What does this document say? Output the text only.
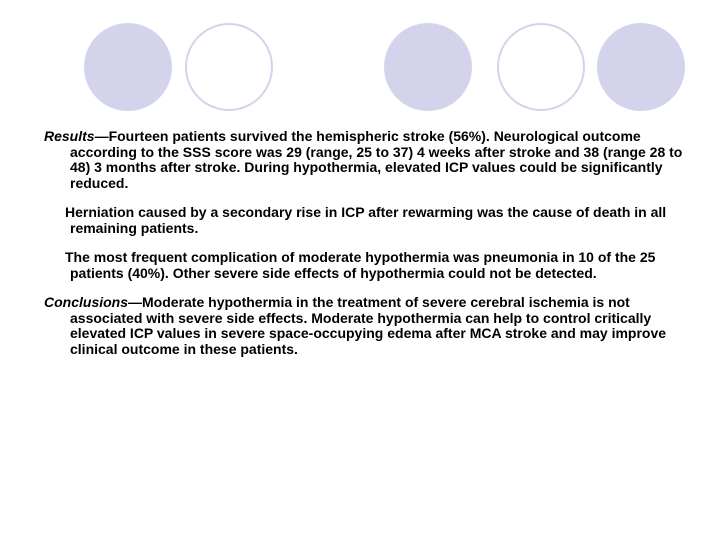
Results—Fourteen patients survived the hemispheric stroke (56%). Neurological outcome according to the SSS score was 29 (range, 25 to 37) 4 weeks after stroke and 38 (range 28 to 48) 3 months after stroke. During hypothermia, elevated ICP values could be significantly reduced.

Herniation caused by a secondary rise in ICP after rewarming was the cause of death in all remaining patients.

The most frequent complication of moderate hypothermia was pneumonia in 10 of the 25 patients (40%). Other severe side effects of hypothermia could not be detected.

Conclusions—Moderate hypothermia in the treatment of severe cerebral ischemia is not associated with severe side effects. Moderate hypothermia can help to control critically elevated ICP values in severe space-occupying edema after MCA stroke and may improve clinical outcome in these patients.
